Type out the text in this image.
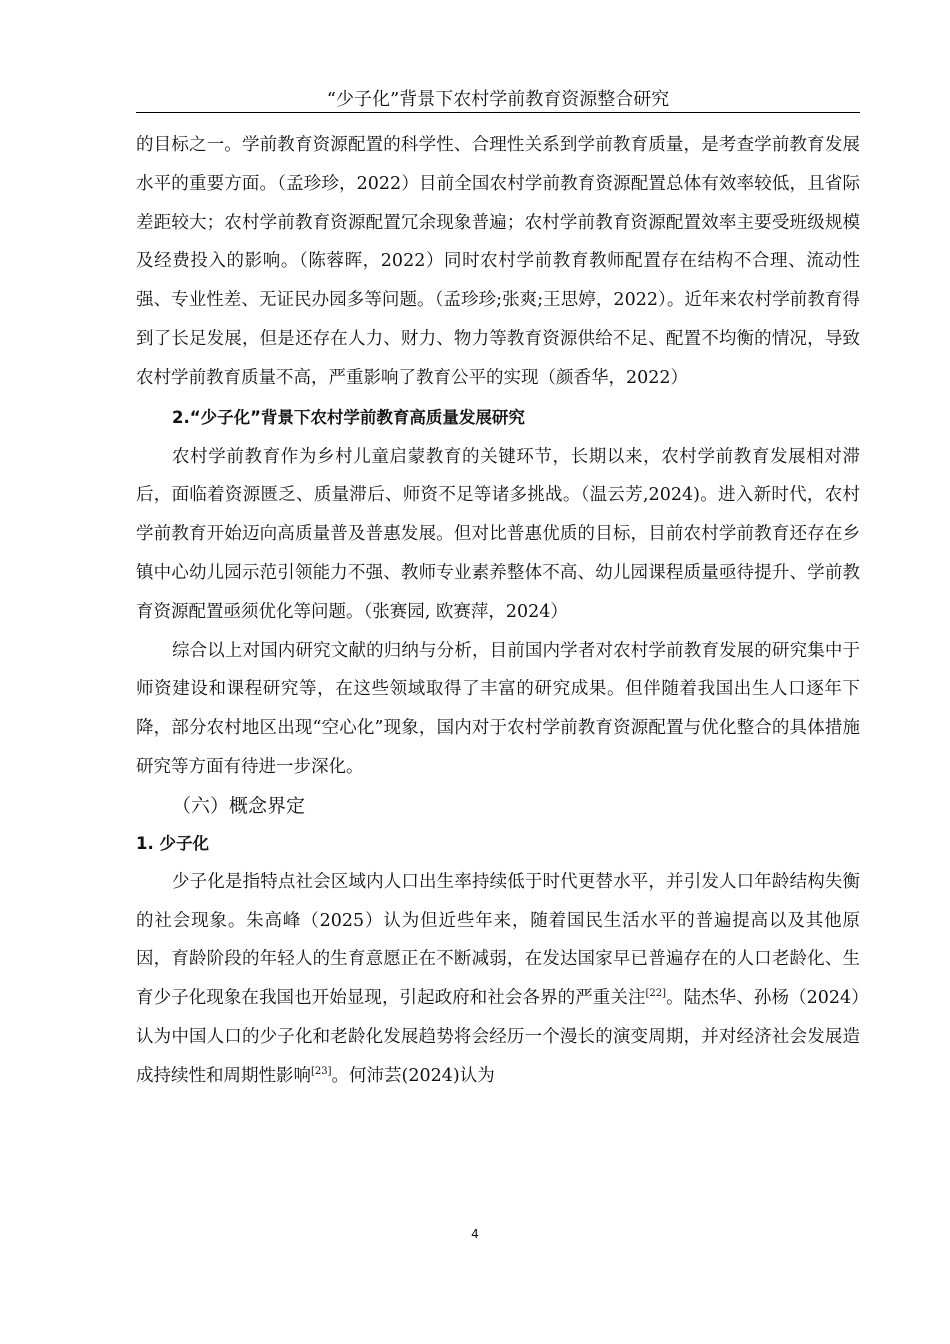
“少子化”背景下农村学前教育资源整合研究

的目标之一。学前教育资源配置的科学性、合理性关系到学前教育质量，是考查学前教育发展水平的重要方面。（孟珍珍，2022）目前全国农村学前教育资源配置总体有效率较低，且省际差距较大；农村学前教育资源配置冗余现象普遍；农村学前教育资源配置效率主要受班级规模及经费投入的影响。（陈蓉晖，2022）同时农村学前教育教师配置存在结构不合理、流动性强、专业性差、无证民办园多等问题。（孟珍珍;张爽;王思婷，2022）。近年来农村学前教育得到了长足发展，但是还存在人力、财力、物力等教育资源供给不足、配置不均衡的情况，导致农村学前教育质量不高，严重影响了教育公平的实现（颜香华，2022）

2.“少子化”背景下农村学前教育高质量发展研究

农村学前教育作为乡村儿童启蒙教育的关键环节，长期以来，农村学前教育发展相对滞后，面临着资源匮乏、质量滞后、师资不足等诸多挑战。（温云芳,2024)。进入新时代，农村学前教育开始迈向高质量普及普惠发展。但对比普惠优质的目标，目前农村学前教育还存在乡镇中心幼儿园示范引领能力不强、教师专业素养整体不高、幼儿园课程质量亟待提升、学前教育资源配置亟须优化等问题。（张赛园, 欧赛萍，2024）

综合以上对国内研究文献的归纳与分析，目前国内学者对农村学前教育发展的研究集中于师资建设和课程研究等，在这些领域取得了丰富的研究成果。但伴随着我国出生人口逐年下降，部分农村地区出现“空心化”现象，国内对于农村学前教育资源配置与优化整合的具体措施研究等方面有待进一步深化。

（六）概念界定

1. 少子化

少子化是指特点社会区域内人口出生率持续低于时代更替水平，并引发人口年龄结构失衡的社会现象。朱高峰（2025）认为但近些年来，随着国民生活水平的普遍提高以及其他原因，育龄阶段的年轻人的生育意愿正在不断减弱，在发达国家早已普遍存在的人口老龄化、生育少子化现象在我国也开始显现，引起政府和社会各界的严重关注[22]。陆杰华、孙杨（2024）认为中国人口的少子化和老龄化发展趋势将会经历一个漫长的演变周期，并对经济社会发展造成持续性和周期性影响[23]。何沛芸(2024)认为

4
